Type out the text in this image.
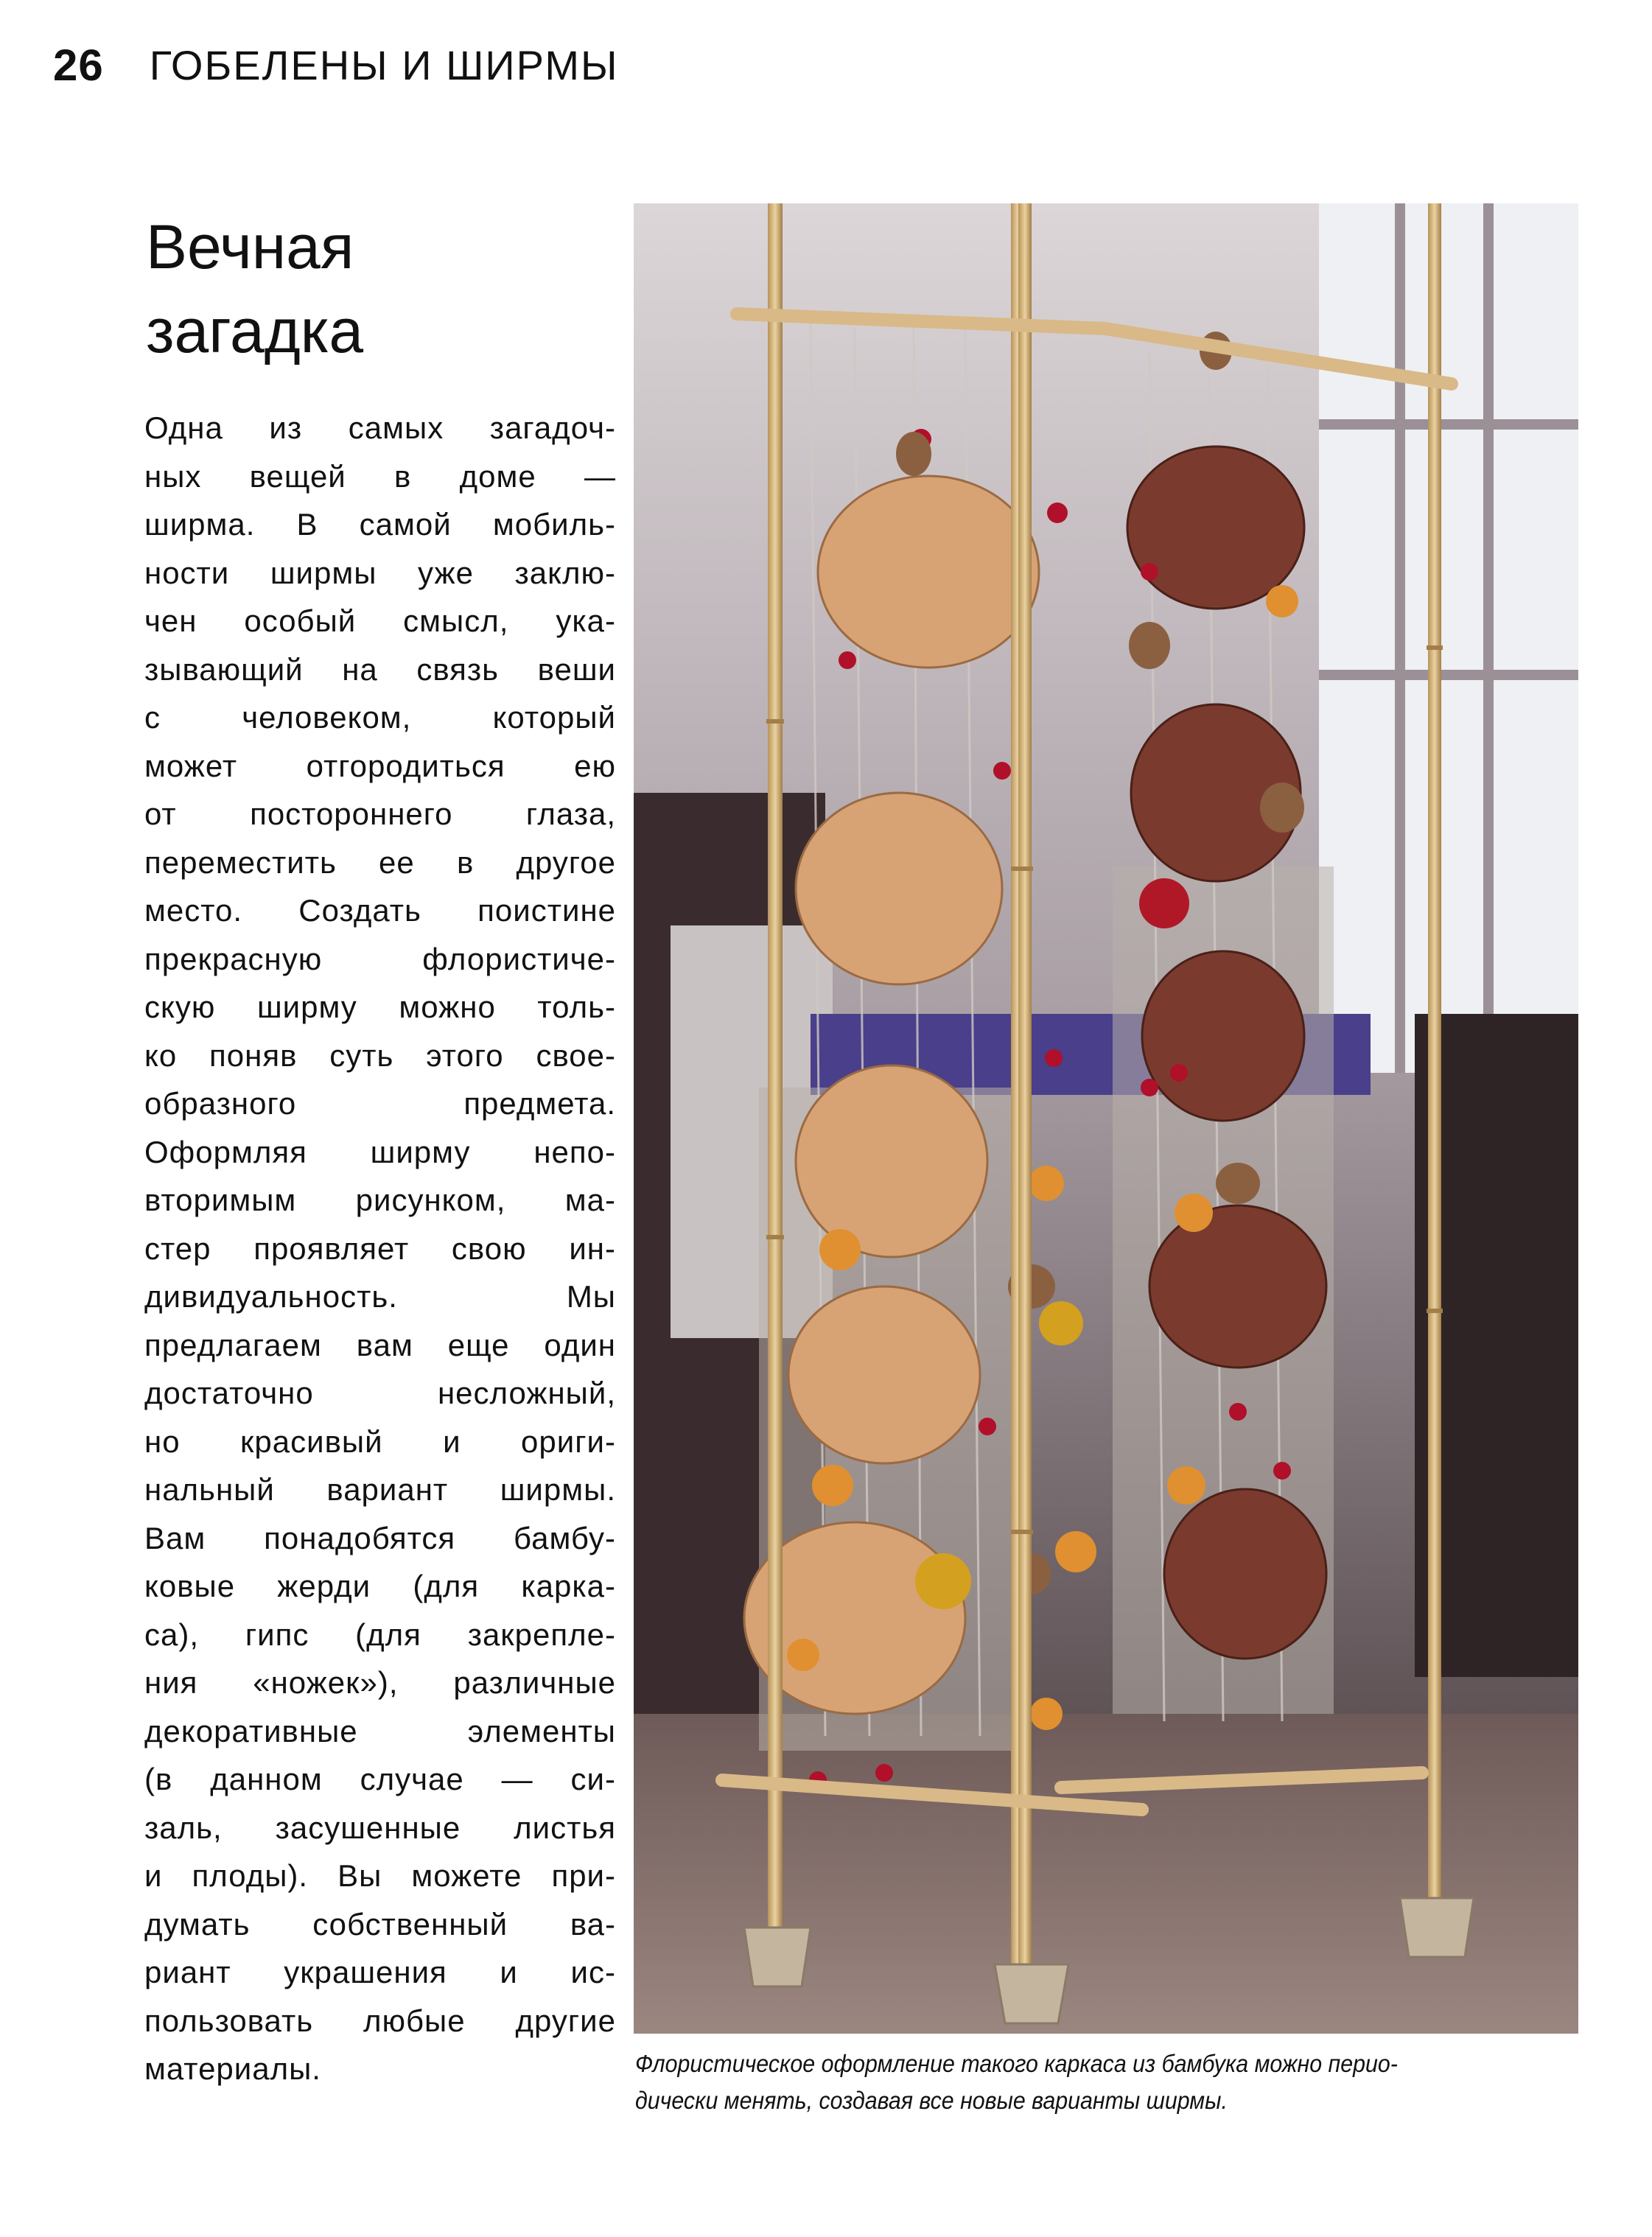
26 ГОБЕЛЕНЫ И ШИРМЫ
Вечная
загадка
Одна из самых загадоч-
ных вещей в доме —
ширма. В самой мобиль-
ности ширмы уже заклю-
чен особый смысл, ука-
зывающий на связь веши
с человеком, который
может отгородиться ею
от постороннего глаза,
переместить ее в другое
место. Создать поистине
прекрасную флористиче-
скую ширму можно толь-
ко поняв суть этого свое-
образного предмета.
Оформляя ширму непо-
вторимым рисунком, ма-
стер проявляет свою ин-
дивидуальность. Мы
предлагаем вам еще один
достаточно несложный,
но красивый и ориги-
нальный вариант ширмы.
Вам понадобятся бамбу-
ковые жерди (для карка-
са), гипс (для закрепле-
ния «ножек»), различные
декоративные элементы
(в данном случае — си-
заль, засушенные листья
и плоды). Вы можете при-
думать собственный ва-
риант украшения и ис-
пользовать любые другие
материалы.	Флористическое оформление такого каркаса из бамбука можно перио-
дически менять, создавая все новые варианты ширмы.
